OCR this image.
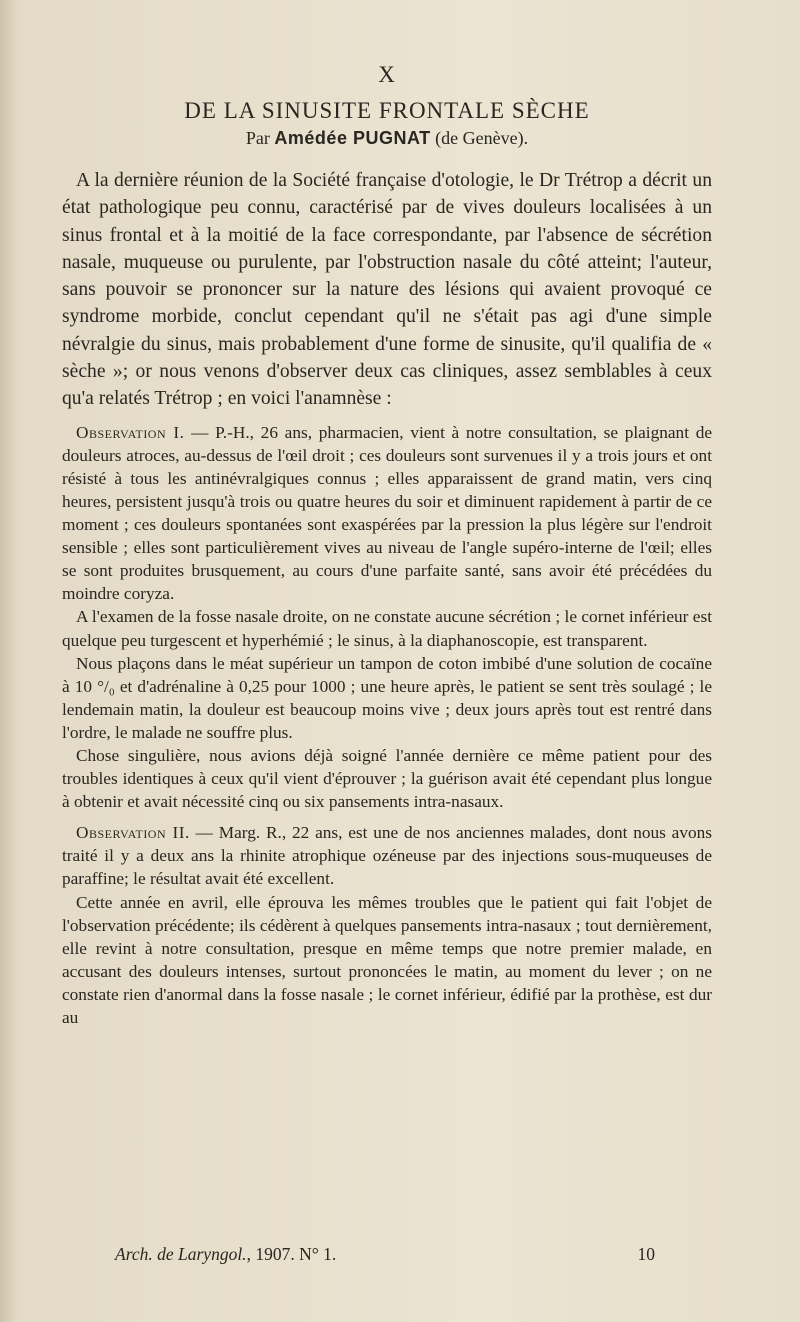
X
DE LA SINUSITE FRONTALE SÈCHE
Par Amédée PUGNAT (de Genève).

A la dernière réunion de la Société française d'otologie, le Dr Trétrop a décrit un état pathologique peu connu, caractérisé par de vives douleurs localisées à un sinus frontal et à la moitié de la face correspondante, par l'absence de sécrétion nasale, muqueuse ou purulente, par l'obstruction nasale du côté atteint; l'auteur, sans pouvoir se prononcer sur la nature des lésions qui avaient provoqué ce syndrome morbide, conclut cependant qu'il ne s'était pas agi d'une simple névralgie du sinus, mais probablement d'une forme de sinusite, qu'il qualifia de « sèche »; or nous venons d'observer deux cas cliniques, assez semblables à ceux qu'a relatés Trétrop ; en voici l'anamnèse :

Observation I. — P.-H., 26 ans, pharmacien, vient à notre consultation, se plaignant de douleurs atroces, au-dessus de l'œil droit ; ces douleurs sont survenues il y a trois jours et ont résisté à tous les antinévralgiques connus ; elles apparaissent de grand matin, vers cinq heures, persistent jusqu'à trois ou quatre heures du soir et diminuent rapidement à partir de ce moment ; ces douleurs spontanées sont exaspérées par la pression la plus légère sur l'endroit sensible ; elles sont particulièrement vives au niveau de l'angle supéro-interne de l'œil; elles se sont produites brusquement, au cours d'une parfaite santé, sans avoir été précédées du moindre coryza.

A l'examen de la fosse nasale droite, on ne constate aucune sécrétion ; le cornet inférieur est quelque peu turgescent et hyperhémié ; le sinus, à la diaphanoscopie, est transparent.

Nous plaçons dans le méat supérieur un tampon de coton imbibé d'une solution de cocaïne à 10 °/₀ et d'adrénaline à 0,25 pour 1000 ; une heure après, le patient se sent très soulagé ; le lendemain matin, la douleur est beaucoup moins vive ; deux jours après tout est rentré dans l'ordre, le malade ne souffre plus.

Chose singulière, nous avions déjà soigné l'année dernière ce même patient pour des troubles identiques à ceux qu'il vient d'éprouver ; la guérison avait été cependant plus longue à obtenir et avait nécessité cinq ou six pansements intra-nasaux.

Observation II. — Marg. R., 22 ans, est une de nos anciennes malades, dont nous avons traité il y a deux ans la rhinite atrophique ozéneuse par des injections sous-muqueuses de paraffine; le résultat avait été excellent.

Cette année en avril, elle éprouva les mêmes troubles que le patient qui fait l'objet de l'observation précédente; ils cédèrent à quelques pansements intra-nasaux ; tout dernièrement, elle revint à notre consultation, presque en même temps que notre premier malade, en accusant des douleurs intenses, surtout prononcées le matin, au moment du lever ; on ne constate rien d'anormal dans la fosse nasale ; le cornet inférieur, édifié par la prothèse, est dur au

Arch. de Laryngol., 1907. N° 1.	10
